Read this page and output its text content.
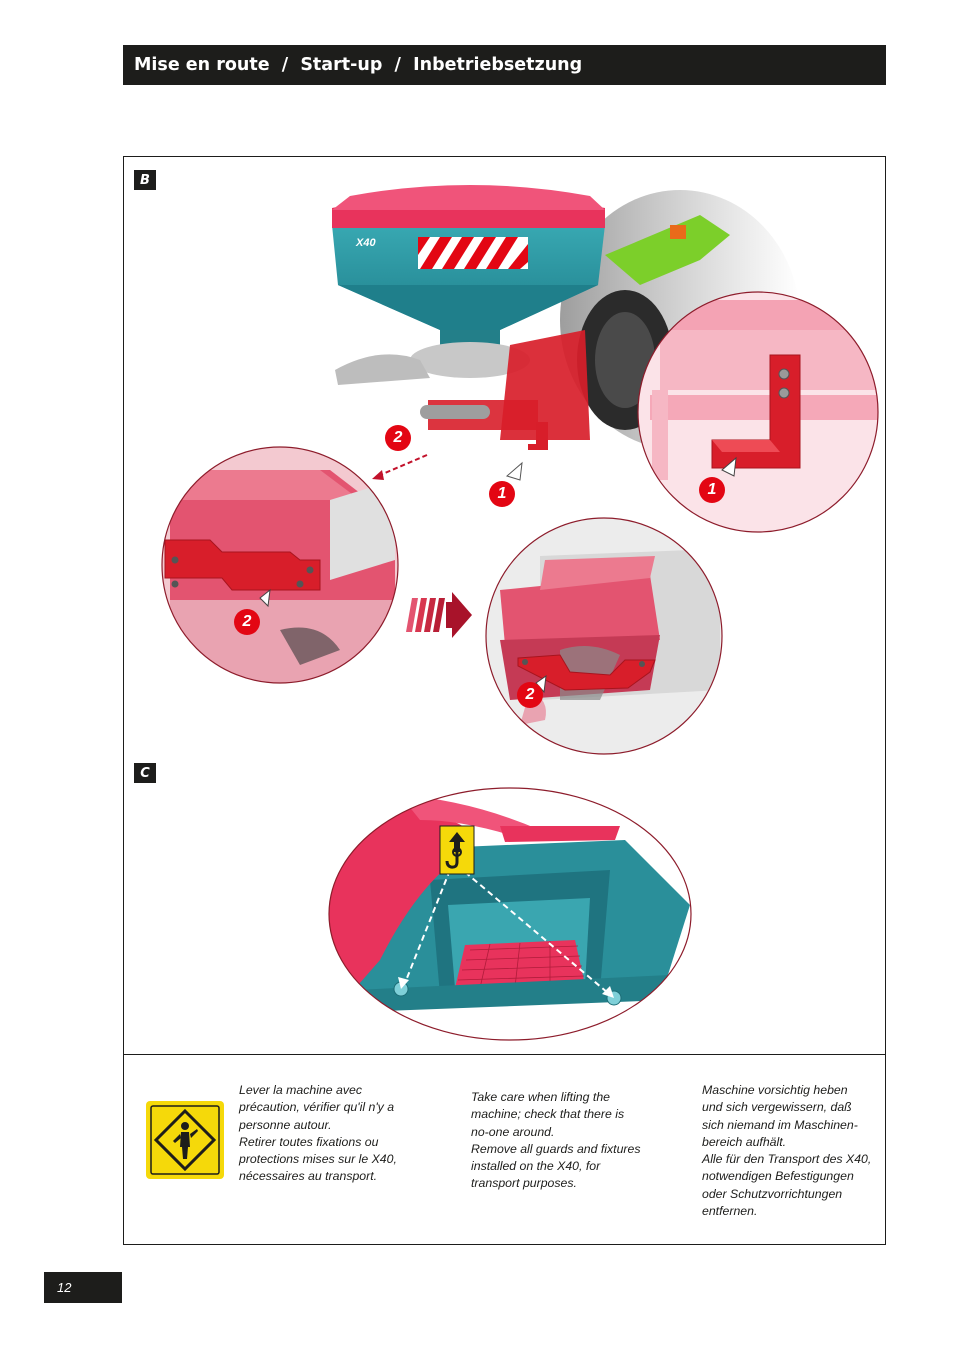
Mise en route  /  Start-up  /  Inbetriebsetzung
B
C
2
1	1
2
2
X40

Lever la machine avec

précaution, vérifier qu'il n'y a

personne autour.

Retirer toutes fixations ou

protections mises sur le X40,

nécessaires au transport.

Take care when lifting the

machine; check that there is

no-one around.

Remove all guards and fixtures

installed on the X40, for

transport purposes.

Maschine vorsichtig heben

und sich vergewissern, daß

sich niemand im Maschinen-

bereich aufhält.

Alle für den Transport des X40,

notwendigen Befestigungen

oder Schutzvorrichtungen

entfernen.

12
